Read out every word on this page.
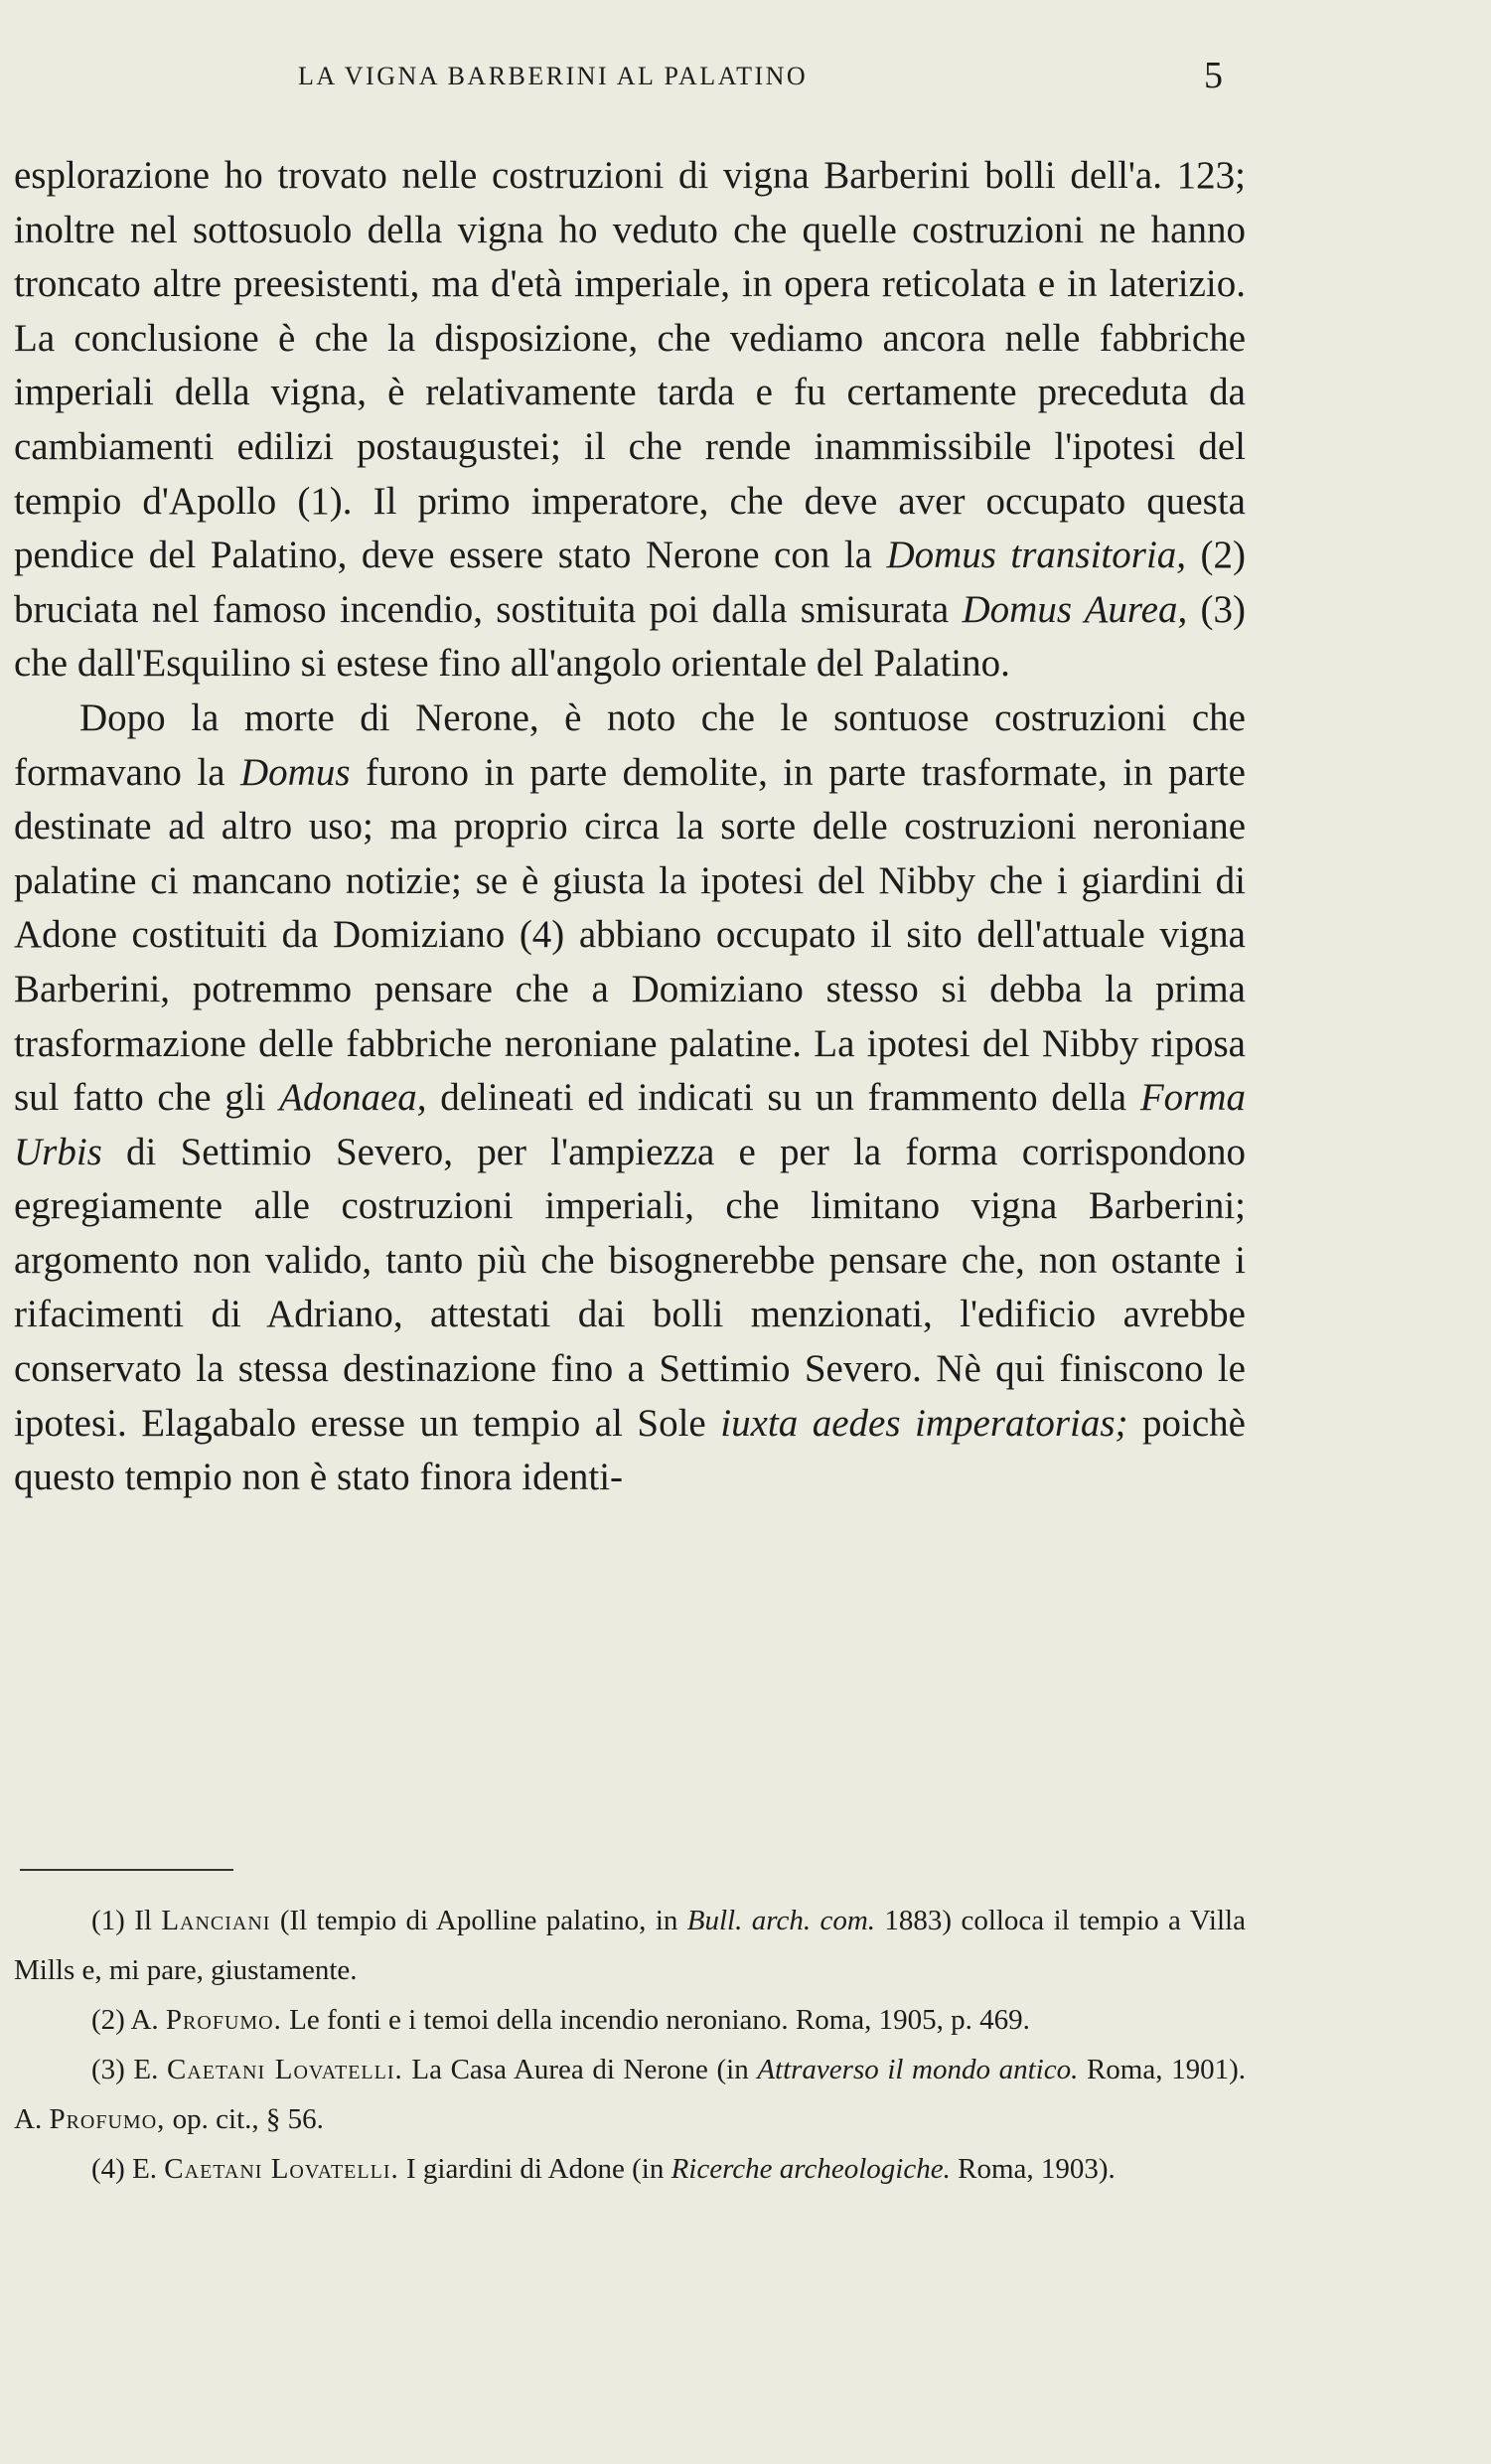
LA VIGNA BARBERINI AL PALATINO	5

esplorazione ho trovato nelle costruzioni di vigna Barberini bolli dell'a. 123; inoltre nel sottosuolo della vigna ho veduto che quelle costruzioni ne hanno troncato altre preesistenti, ma d'età imperiale, in opera reticolata e in laterizio. La conclusione è che la disposizione, che vediamo ancora nelle fabbriche imperiali della vigna, è relativamente tarda e fu certamente preceduta da cambiamenti edilizi postaugustei; il che rende inammissibile l'ipotesi del tempio d'Apollo (1). Il primo imperatore, che deve aver occupato questa pendice del Palatino, deve essere stato Nerone con la Domus transitoria, (2) bruciata nel famoso incendio, sostituita poi dalla smisurata Domus Aurea, (3) che dall'Esquilino si estese fino all'angolo orientale del Palatino.

Dopo la morte di Nerone, è noto che le sontuose costruzioni che formavano la Domus furono in parte demolite, in parte trasformate, in parte destinate ad altro uso; ma proprio circa la sorte delle costruzioni neroniane palatine ci mancano notizie; se è giusta la ipotesi del Nibby che i giardini di Adone costituiti da Domiziano (4) abbiano occupato il sito dell'attuale vigna Barberini, potremmo pensare che a Domiziano stesso si debba la prima trasformazione delle fabbriche neroniane palatine. La ipotesi del Nibby riposa sul fatto che gli Adonaea, delineati ed indicati su un frammento della Forma Urbis di Settimio Severo, per l'ampiezza e per la forma corrispondono egregiamente alle costruzioni imperiali, che limitano vigna Barberini; argomento non valido, tanto più che bisognerebbe pensare che, non ostante i rifacimenti di Adriano, attestati dai bolli menzionati, l'edificio avrebbe conservato la stessa destinazione fino a Settimio Severo. Nè qui finiscono le ipotesi. Elagabalo eresse un tempio al Sole iuxta aedes imperatorias; poichè questo tempio non è stato finora identi-

(1) Il Lanciani (Il tempio di Apolline palatino, in Bull. arch. com. 1883) colloca il tempio a Villa Mills e, mi pare, giustamente.

(2) A. Profumo. Le fonti e i temoi della incendio neroniano. Roma, 1905, p. 469.

(3) E. Caetani Lovatelli. La Casa Aurea di Nerone (in Attraverso il mondo antico. Roma, 1901). A. Profumo, op. cit., § 56.

(4) E. Caetani Lovatelli. I giardini di Adone (in Ricerche archeologiche. Roma, 1903).
